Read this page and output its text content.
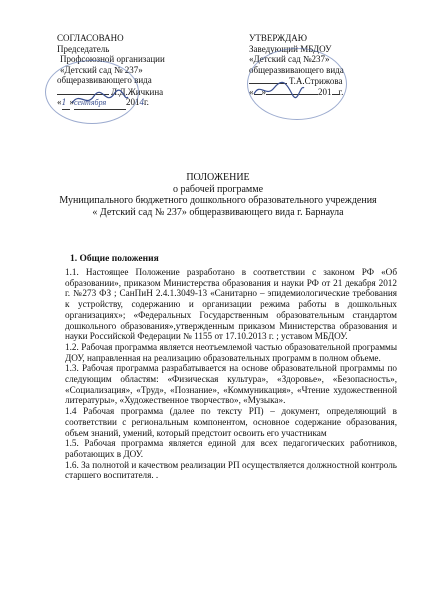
СОГЛАСОВАНО
Председатель
Профсоюзной организации
«Детский сад № 237»
общеразвивающего вида
Л.Д.Жичкина
«1 »сентября 2014г.
УТВЕРЖДАЮ
Заведующий МБДОУ
«Детский сад №237»
общеразвивающего вида
Т.А.Стрижова
« »	201 г.
ПОЛОЖЕНИЕ
о рабочей программе
Муниципального бюджетного дошкольного образовательного учреждения
« Детский сад № 237» общеразвивающего вида г. Барнаула
1. Общие положения

1.1. Настоящее Положение разработано в соответствии с законом РФ «Об образовании», приказом Министерства образования и науки РФ от 21 декабря 2012 г. №273 ФЗ ; СанПиН 2.4.1.3049-13 «Санитарно – эпидемиологические требования к устройству, содержанию и организации режима работы в дошкольных организациях»; «Федеральных Государственным образовательным стандартом дошкольного образования»,утвержденным приказом Министерства образования и науки Российской Федерации № 1155 от 17.10.2013 г. ; уставом МБДОУ.

1.2. Рабочая программа является неотъемлемой частью образовательной программы ДОУ, направленная на реализацию образовательных программ в полном объеме.

1.3. Рабочая программа разрабатывается на основе образовательной программы по следующим областям: «Физическая культура», «Здоровье», «Безопасность», «Социализация», «Труд», «Познание», «Коммуникация», «Чтение художественной литературы», «Художественное творчество», «Музыка».

1.4 Рабочая программа (далее по тексту РП) – документ, определяющий в соответствии с региональным компонентом, основное содержание образования, объем знаний, умений, который предстоит освоить его участникам

1.5. Рабочая программа является единой для всех педагогических работников, работающих в ДОУ.

1.6. За полнотой и качеством реализации РП осуществляется должностной контроль старшего воспитателя. .
